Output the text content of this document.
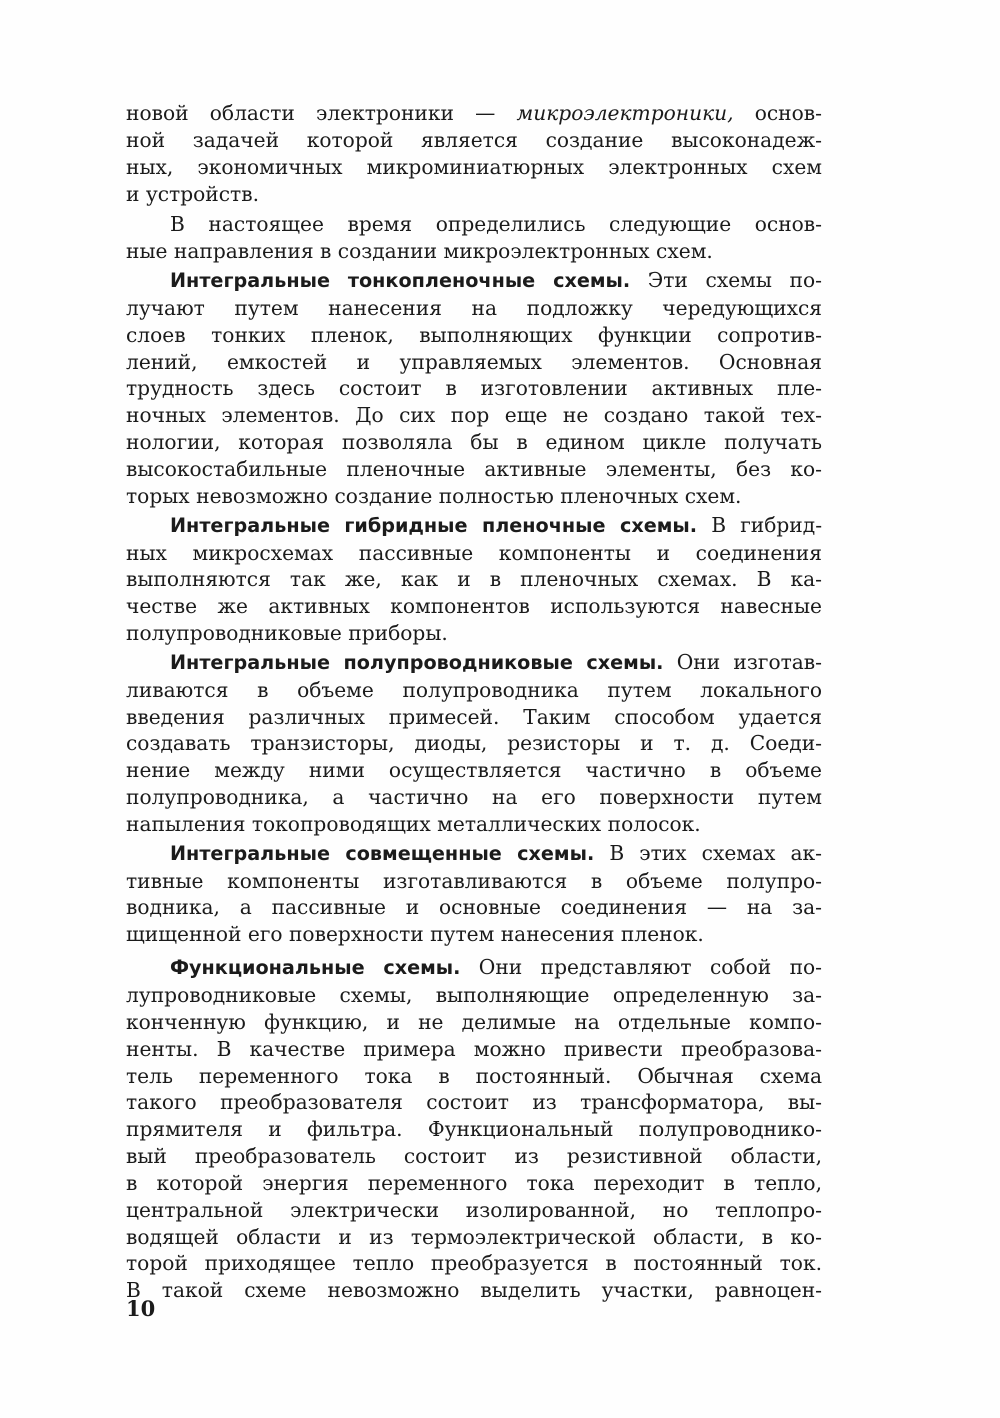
новой области электроники — микроэлектроники, основ-
ной задачей которой является создание высоконадеж-
ных, экономичных микроминиатюрных электронных схем
и устройств.
В настоящее время определились следующие основ-
ные направления в создании микроэлектронных схем.
Интегральные тонкопленочные схемы. Эти схемы по-
лучают путем нанесения на подложку чередующихся
слоев тонких пленок, выполняющих функции сопротив-
лений, емкостей и управляемых элементов. Основная
трудность здесь состоит в изготовлении активных пле-
ночных элементов. До сих пор еще не создано такой тех-
нологии, которая позволяла бы в едином цикле получать
высокостабильные пленочные активные элементы, без ко-
торых невозможно создание полностью пленочных схем.
Интегральные гибридные пленочные схемы. В гибрид-
ных микросхемах пассивные компоненты и соединения
выполняются так же, как и в пленочных схемах. В ка-
честве же активных компонентов используются навесные
полупроводниковые приборы.
Интегральные полупроводниковые схемы. Они изготав-
ливаются в объеме полупроводника путем локального
введения различных примесей. Таким способом удается
создавать транзисторы, диоды, резисторы и т. д. Соеди-
нение между ними осуществляется частично в объеме
полупроводника, а частично на его поверхности путем
напыления токопроводящих металлических полосок.
Интегральные совмещенные схемы. В этих схемах ак-
тивные компоненты изготавливаются в объеме полупро-
водника, а пассивные и основные соединения — на за-
щищенной его поверхности путем нанесения пленок.
Функциональные схемы. Они представляют собой по-
лупроводниковые схемы, выполняющие определенную за-
конченную функцию, и не делимые на отдельные компо-
ненты. В качестве примера можно привести преобразова-
тель переменного тока в постоянный. Обычная схема
такого преобразователя состоит из трансформатора, вы-
прямителя и фильтра. Функциональный полупроводнико-
вый преобразователь состоит из резистивной области,
в которой энергия переменного тока переходит в тепло,
центральной электрически изолированной, но теплопро-
водящей области и из термоэлектрической области, в ко-
торой приходящее тепло преобразуется в постоянный ток.
В такой схеме невозможно выделить участки, равноцен-
10
